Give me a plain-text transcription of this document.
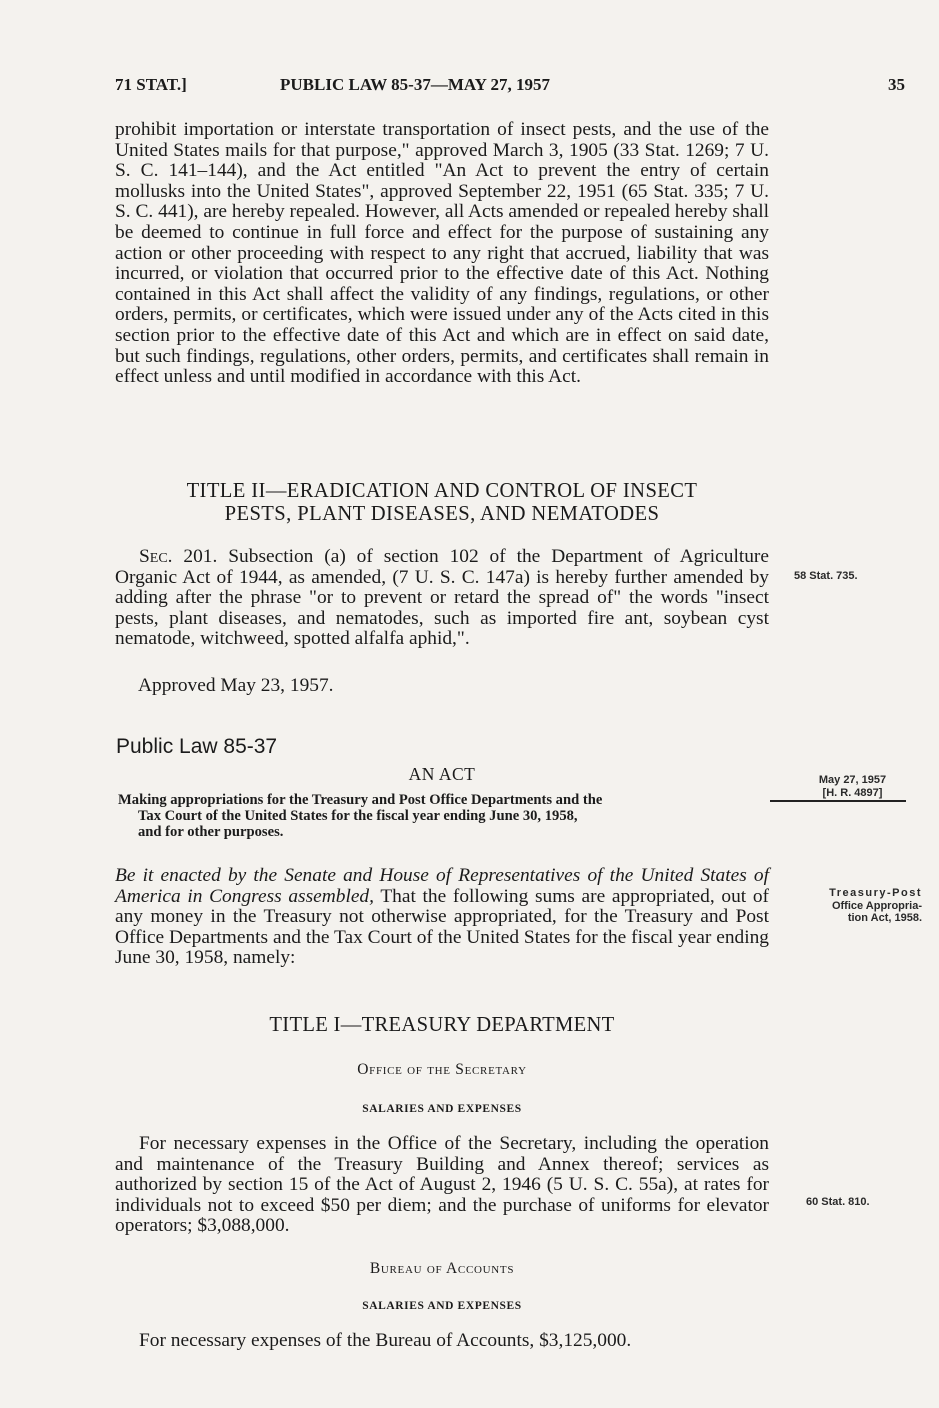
71 STAT.]	PUBLIC LAW 85-37—MAY 27, 1957	35

prohibit importation or interstate transportation of insect pests, and the use of the United States mails for that purpose," approved March 3, 1905 (33 Stat. 1269; 7 U. S. C. 141–144), and the Act entitled "An Act to prevent the entry of certain mollusks into the United States", approved September 22, 1951 (65 Stat. 335; 7 U. S. C. 441), are hereby repealed. However, all Acts amended or repealed hereby shall be deemed to continue in full force and effect for the purpose of sustaining any action or other proceeding with respect to any right that accrued, liability that was incurred, or violation that occurred prior to the effective date of this Act. Nothing contained in this Act shall affect the validity of any findings, regulations, or other orders, permits, or certificates, which were issued under any of the Acts cited in this section prior to the effective date of this Act and which are in effect on said date, but such findings, regulations, other orders, permits, and certificates shall remain in effect unless and until modified in accordance with this Act.

TITLE II—ERADICATION AND CONTROL OF INSECT
PESTS, PLANT DISEASES, AND NEMATODES

Sec. 201. Subsection (a) of section 102 of the Department of Agriculture Organic Act of 1944, as amended, (7 U. S. C. 147a) is hereby further amended by adding after the phrase "or to prevent or retard the spread of" the words "insect pests, plant diseases, and nematodes, such as imported fire ant, soybean cyst nematode, witchweed, spotted alfalfa aphid,".

Approved May 23, 1957.
Public Law 85-37
AN ACT
Making appropriations for the Treasury and Post Office Departments and the
Tax Court of the United States for the fiscal year ending June 30, 1958,
and for other purposes.
Be it enacted by the Senate and House of Representatives of the United States of America in Congress assembled, That the following sums are appropriated, out of any money in the Treasury not otherwise appropriated, for the Treasury and Post Office Departments and the Tax Court of the United States for the fiscal year ending June 30, 1958, namely:
TITLE I—TREASURY DEPARTMENT
Office of the Secretary
SALARIES AND EXPENSES

For necessary expenses in the Office of the Secretary, including the operation and maintenance of the Treasury Building and Annex thereof; services as authorized by section 15 of the Act of August 2, 1946 (5 U. S. C. 55a), at rates for individuals not to exceed $50 per diem; and the purchase of uniforms for elevator operators; $3,088,000.

Bureau of Accounts
SALARIES AND EXPENSES

For necessary expenses of the Bureau of Accounts, $3,125,000.

58 Stat. 735.
May 27, 1957
[H. R. 4897]
Treasury-Post
Office Appropria-
tion Act, 1958.
60 Stat. 810.
